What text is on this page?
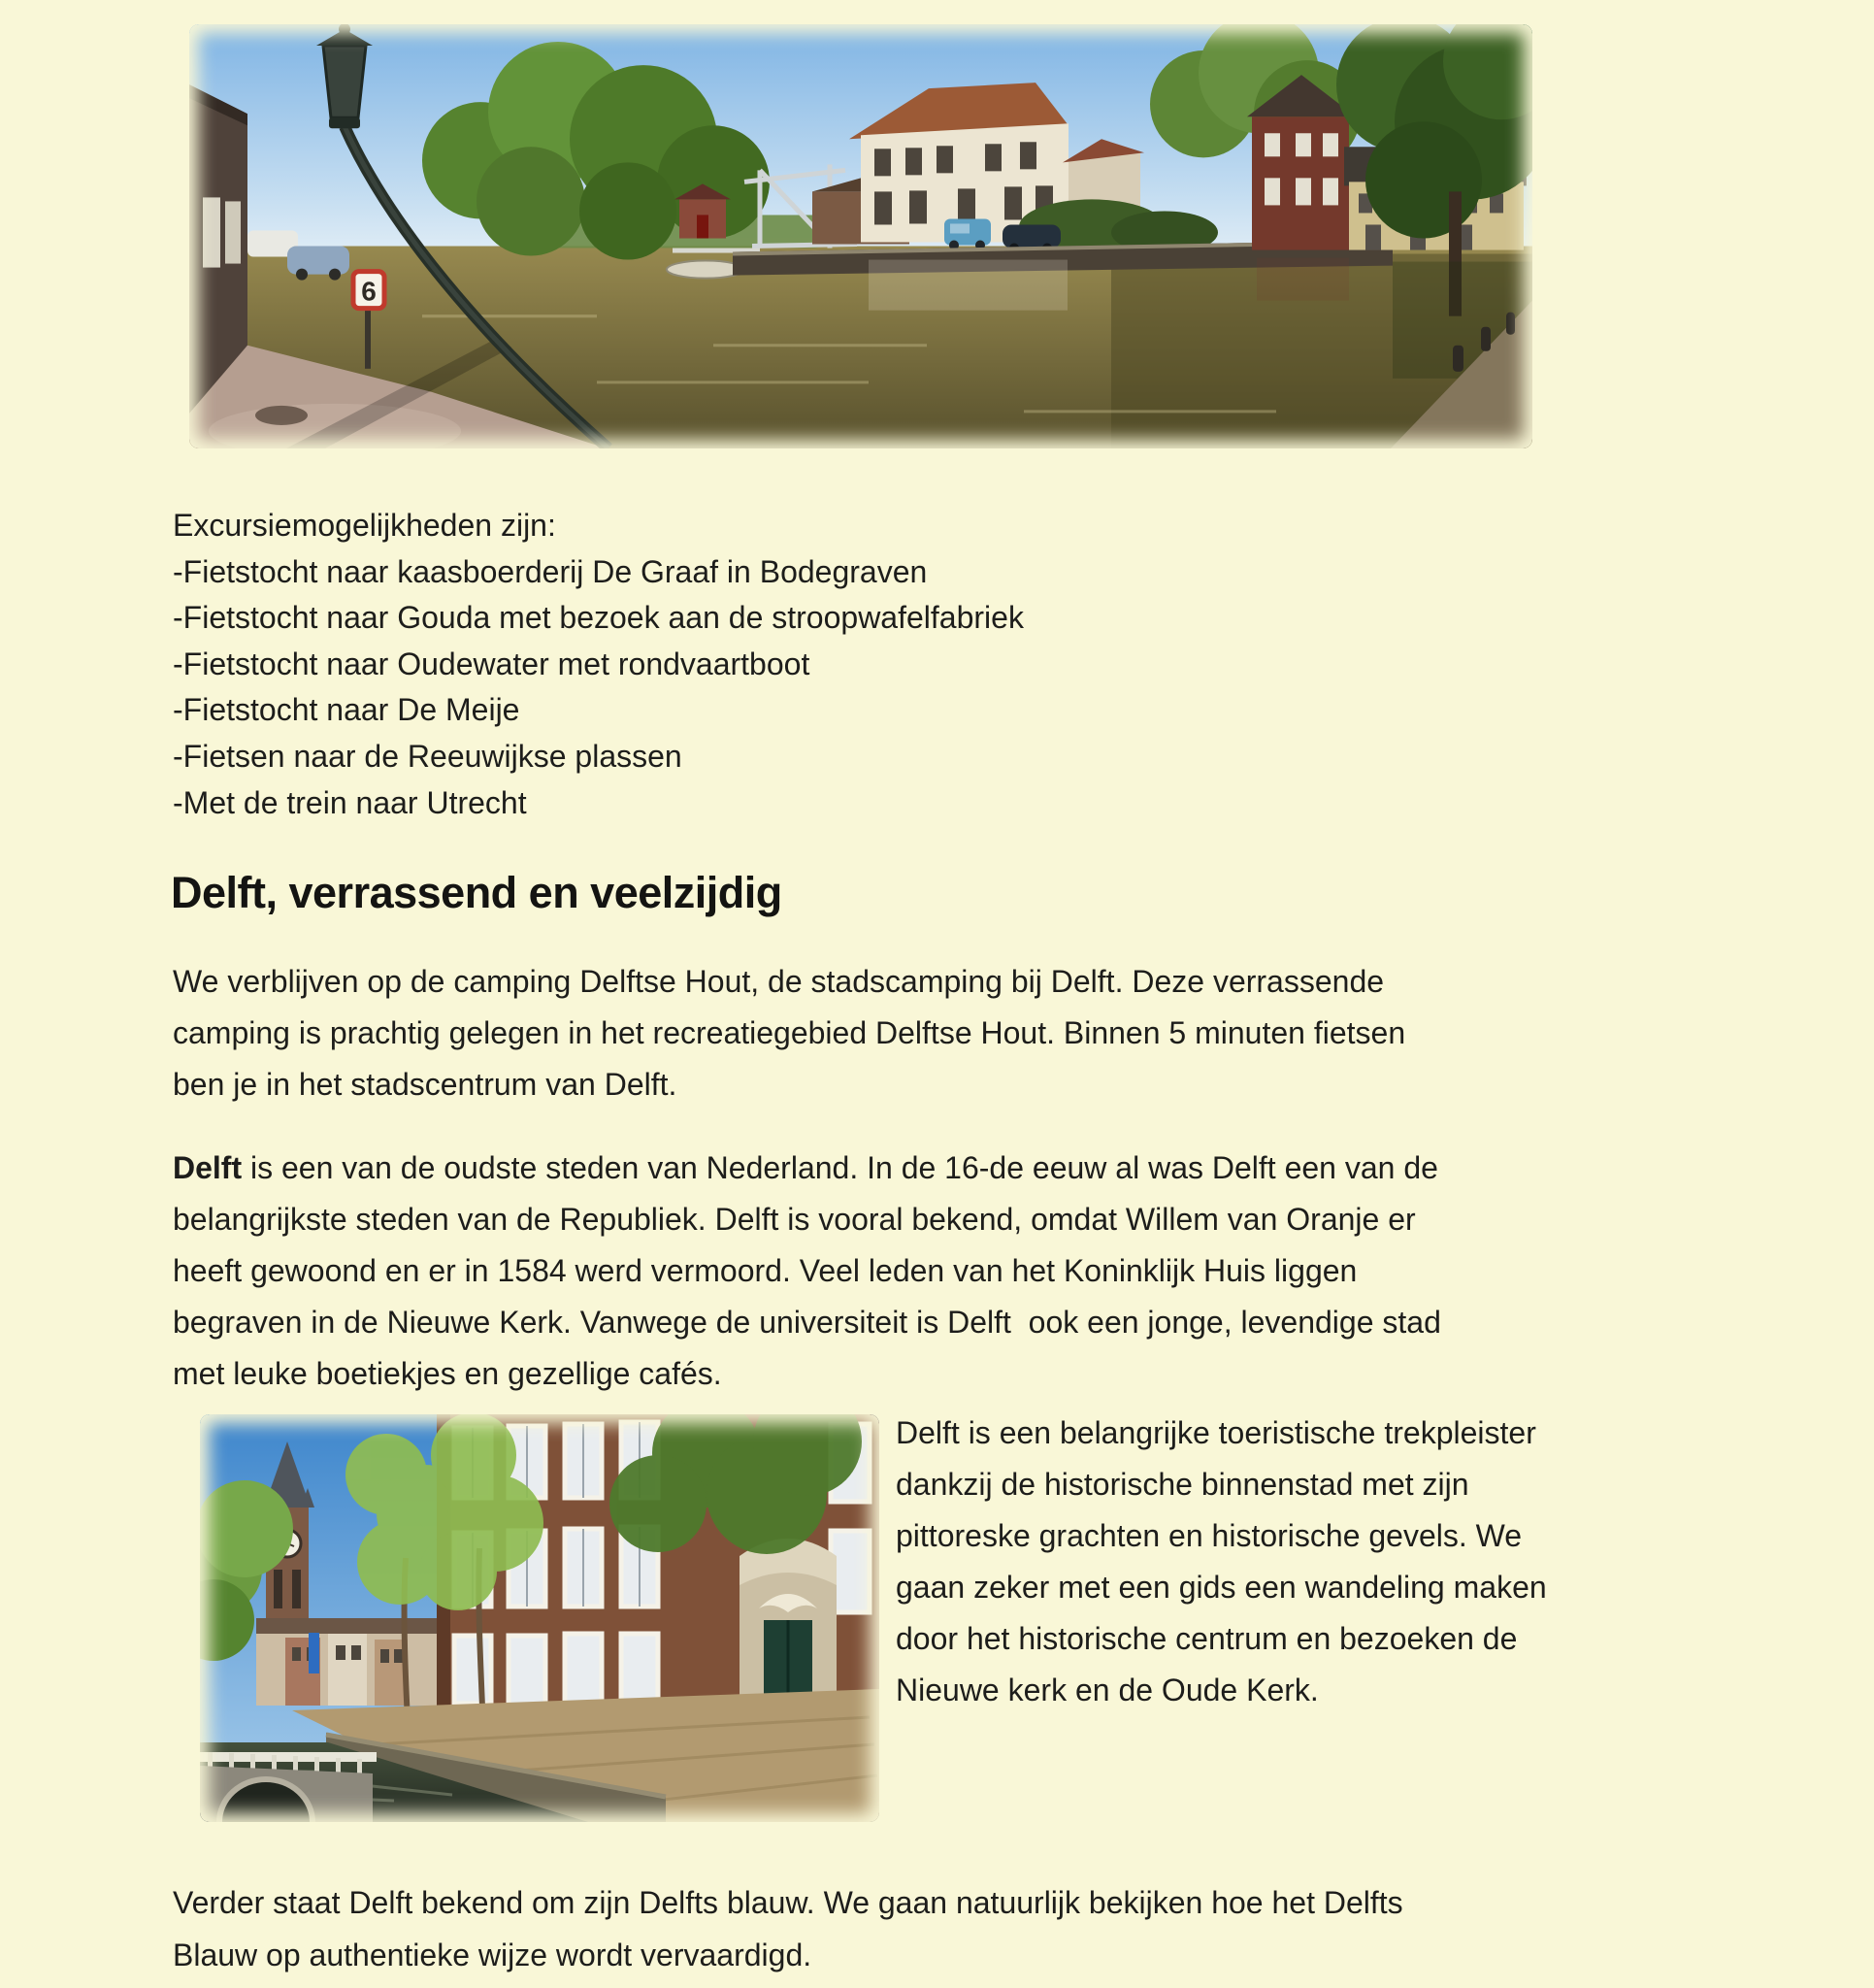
6
Excursiemogelijkheden zijn:
-Fietstocht naar kaasboerderij De Graaf in Bodegraven
-Fietstocht naar Gouda met bezoek aan de stroopwafelfabriek
-Fietstocht naar Oudewater met rondvaartboot
-Fietstocht naar De Meije
-Fietsen naar de Reeuwijkse plassen
-Met de trein naar Utrecht
Delft, verrassend en veelzijdig
We verblijven op de camping Delftse Hout, de stadscamping bij Delft. Deze verrassende
camping is prachtig gelegen in het recreatiegebied Delftse Hout. Binnen 5 minuten fietsen
ben je in het stadscentrum van Delft.
Delft is een van de oudste steden van Nederland. In de 16-de eeuw al was Delft een van de
belangrijkste steden van de Republiek. Delft is vooral bekend, omdat Willem van Oranje er
heeft gewoond en er in 1584 werd vermoord. Veel leden van het Koninklijk Huis liggen
begraven in de Nieuwe Kerk. Vanwege de universiteit is Delft  ook een jonge, levendige stad
met leuke boetiekjes en gezellige cafés.
Delft is een belangrijke toeristische trekpleister
dankzij de historische binnenstad met zijn
pittoreske grachten en historische gevels. We
gaan zeker met een gids een wandeling maken
door het historische centrum en bezoeken de
Nieuwe kerk en de Oude Kerk.
Verder staat Delft bekend om zijn Delfts blauw. We gaan natuurlijk bekijken hoe het Delfts
Blauw op authentieke wijze wordt vervaardigd.
